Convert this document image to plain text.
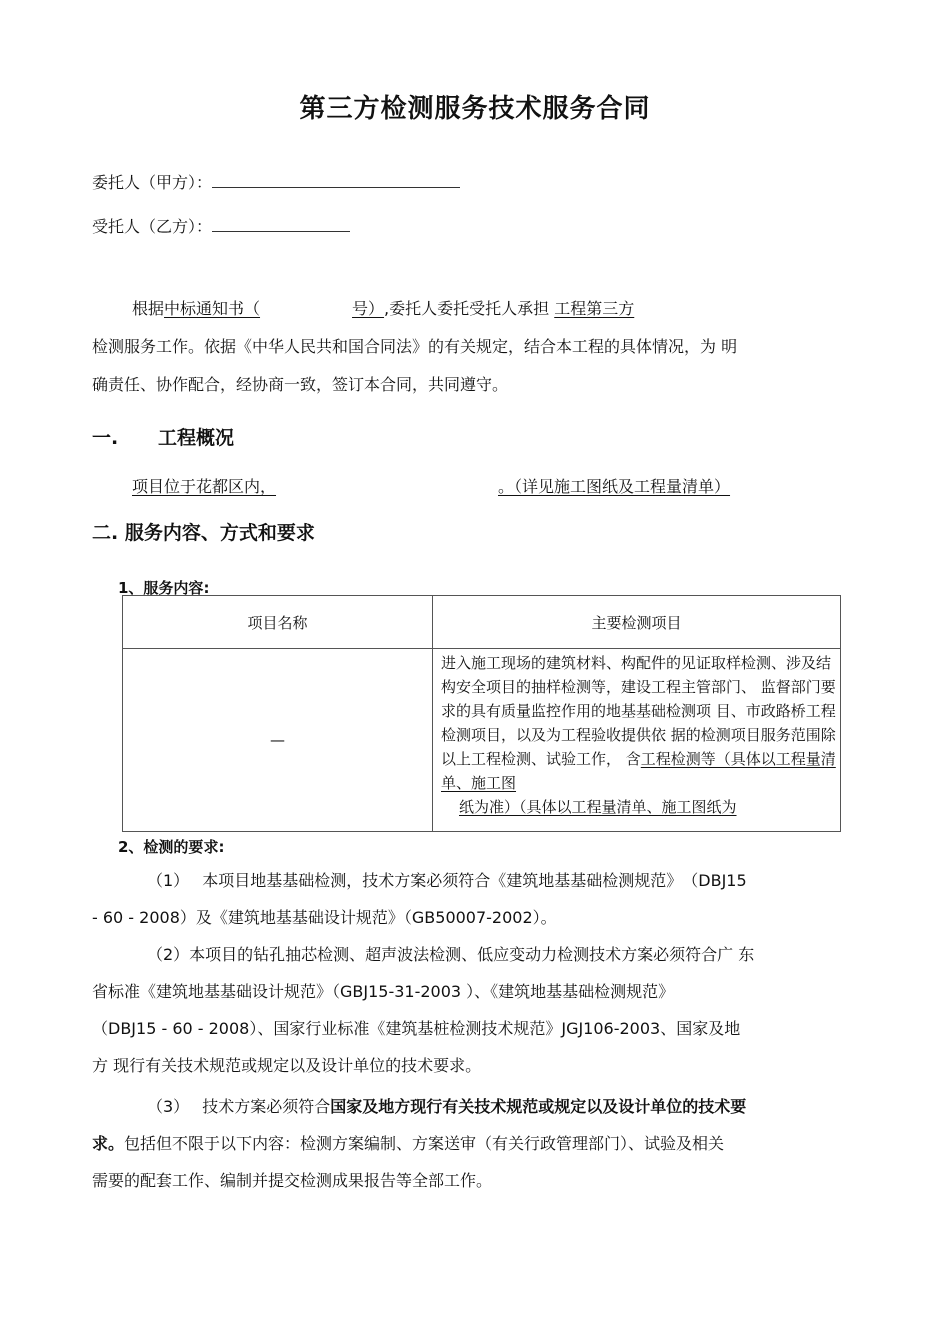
第三方检测服务技术服务合同
委托人（甲方）：
受托人（乙方）：
根据中标通知书（	号）,委托人委托受托人承担 工程第三方
检测服务工作。依据《中华人民共和国合同法》的有关规定，结合本工程的具体情况，为 明
确责任、协作配合，经协商一致，签订本合同，共同遵守。
一. 工程概况
项目位于花都区内，	。（详见施工图纸及工程量清单）
二. 服务内容、方式和要求
1、服务内容:
项目名称	主要检测项目
—	进入施工现场的建筑材料、构配件的见证取样检测、涉及结构安全项目的抽样检测等，建设工程主管部门、 监督部门要求的具有质量监控作用的地基基础检测项 目、市政路桥工程检测项目，以及为工程验收提供依 据的检测项目服务范围除以上工程检测、试验工作， 含工程检测等（具体以工程量清单、施工图
纸为准）（具体以工程量清单、施工图纸为
2、检测的要求:
（1）　 本项目地基基础检测，技术方案必须符合《建筑地基基础检测规范》　（DBJ15
- 60 - 2008）及《建筑地基基础设计规范》（GB50007-2002）。
（2）本项目的钻孔抽芯检测、超声波法检测、低应变动力检测技术方案必须符合广 东
省标准《建筑地基基础设计规范》（GBJ15-31-2003 ）、《建筑地基基础检测规范》
（DBJ15 - 60 - 2008）、国家行业标准《建筑基桩检测技术规范》JGJ106-2003、国家及地
方 现行有关技术规范或规定以及设计单位的技术要求。
（3）　 技术方案必须符合国家及地方现行有关技术规范或规定以及设计单位的技术要
求。包括但不限于以下内容：检测方案编制、方案送审（有关行政管理部门）、试验及相关
需要的配套工作、编制并提交检测成果报告等全部工作。
